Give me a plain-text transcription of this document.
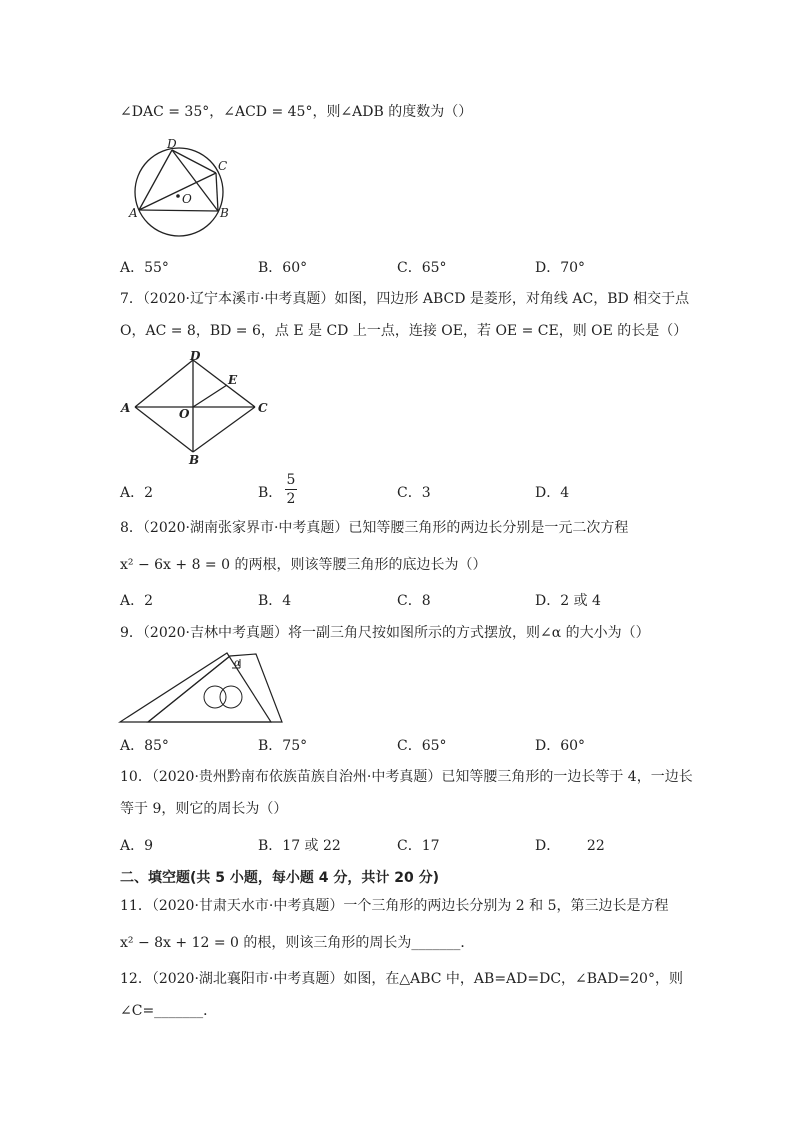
∠DAC = 35°，∠ACD = 45°，则∠ADB 的度数为（）
D
C
O
A	B
A．55°	B．60°	C．65°	D．70°
7．（2020·辽宁本溪市·中考真题）如图，四边形 ABCD 是菱形，对角线 AC，BD 相交于点
O，AC = 8，BD = 6，点 E 是 CD 上一点，连接 OE，若 OE = CE，则 OE 的长是（）
D
E
A	O	C
B
A．2	B．
5
2	C．3	D．4
8．（2020·湖南张家界市·中考真题）已知等腰三角形的两边长分别是一元二次方程
x² − 6x + 8 = 0 的两根，则该等腰三角形的底边长为（）
A．2	B．4	C．8	D．2 或 4
9．（2020·吉林中考真题）将一副三角尺按如图所示的方式摆放，则∠α 的大小为（）
α
A．85°	B．75°	C．65°	D．60°
10．（2020·贵州黔南布依族苗族自治州·中考真题）已知等腰三角形的一边长等于 4，一边长
等于 9，则它的周长为（）
A．9	B．17 或 22	C．17	D．      22
二、填空题(共 5 小题，每小题 4 分，共计 20 分)
11．（2020·甘肃天水市·中考真题）一个三角形的两边长分别为 2 和 5，第三边长是方程
x² − 8x + 12 = 0 的根，则该三角形的周长为_______．
12．（2020·湖北襄阳市·中考真题）如图，在△ABC 中，AB=AD=DC，∠BAD=20°，则
∠C=_______．
